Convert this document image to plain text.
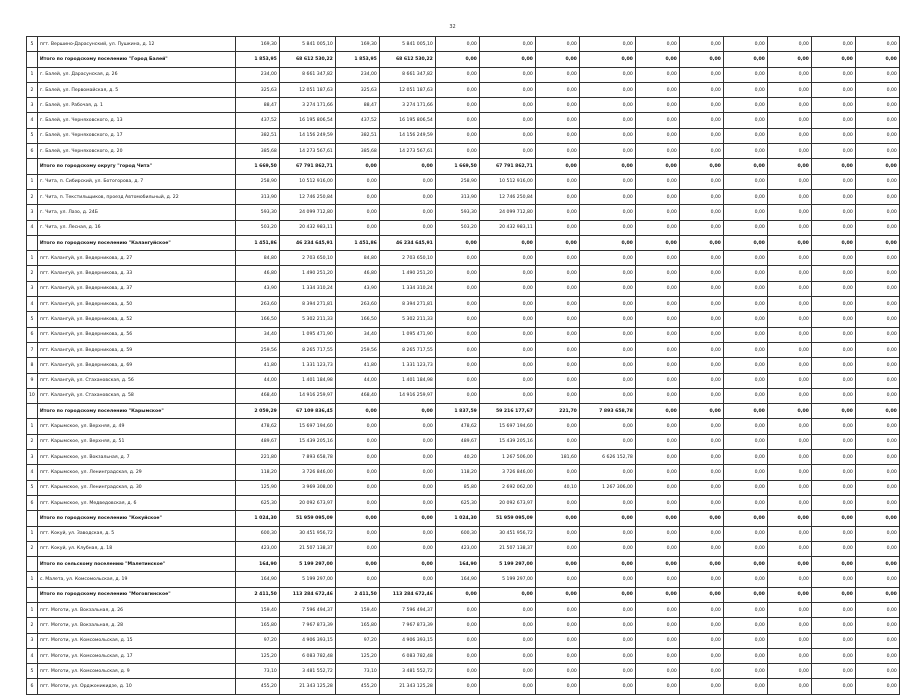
32
5	пгт. Вершино-Дарасунский, ул. Пушкина, д. 12	169,30	5 841 005,10	169,30	5 841 005,10	0,00	0,00	0,00	0,00	0,00	0,00	0,00	0,00	0,00	0,00
	Итого по городскому поселению "Город Балей"	1 853,95	68 612 530,22	1 853,95	68 612 530,22	0,00	0,00	0,00	0,00	0,00	0,00	0,00	0,00	0,00	0,00
1	г. Балей, ул. Дарасунская, д. 26	234,00	8 661 347,82	234,00	8 661 347,82	0,00	0,00	0,00	0,00	0,00	0,00	0,00	0,00	0,00	0,00
2	г. Балей, ул. Первомайская, д. 5	325,63	12 051 187,63	325,63	12 051 187,63	0,00	0,00	0,00	0,00	0,00	0,00	0,00	0,00	0,00	0,00
3	г. Балей, ул. Рабочая, д. 1	88,47	3 274 171,66	88,47	3 274 171,66	0,00	0,00	0,00	0,00	0,00	0,00	0,00	0,00	0,00	0,00
4	г. Балей, ул. Черняховского, д. 13	437,52	16 195 806,54	437,52	16 195 806,54	0,00	0,00	0,00	0,00	0,00	0,00	0,00	0,00	0,00	0,00
5	г. Балей, ул. Черняховского, д. 17	382,51	14 156 249,59	382,51	14 156 249,59	0,00	0,00	0,00	0,00	0,00	0,00	0,00	0,00	0,00	0,00
6	г. Балей, ул. Черняховского, д. 20	385,68	14 273 567,61	385,68	14 273 567,61	0,00	0,00	0,00	0,00	0,00	0,00	0,00	0,00	0,00	0,00
	Итого по городскому округу "город Чита"	1 669,50	67 791 862,71	0,00	0,00	1 669,50	67 791 862,71	0,00	0,00	0,00	0,00	0,00	0,00	0,00	0,00
1	г. Чита, п. Сибирский, ул. Ботогорова, д. 7	258,90	10 512 916,00	0,00	0,00	258,90	10 512 916,00	0,00	0,00	0,00	0,00	0,00	0,00	0,00	0,00
2	г. Чита, п. Текстильщиков, проезд Автомобильный, д. 22	313,90	12 746 250,84	0,00	0,00	313,90	12 746 250,84	0,00	0,00	0,00	0,00	0,00	0,00	0,00	0,00
3	г. Чита, ул. Лазо, д. 24Б	593,30	24 099 712,80	0,00	0,00	593,30	24 099 712,80	0,00	0,00	0,00	0,00	0,00	0,00	0,00	0,00
4	г. Чита, ул. Лесная, д. 16	503,20	20 432 983,11	0,00	0,00	503,20	20 432 983,11	0,00	0,00	0,00	0,00	0,00	0,00	0,00	0,00
	Итого по городскому поселению "Калангуйское"	1 451,86	46 234 645,91	1 451,86	46 234 645,91	0,00	0,00	0,00	0,00	0,00	0,00	0,00	0,00	0,00	0,00
1	пгт. Калангуй, ул. Ведерникова, д. 27	84,80	2 703 650,10	84,80	2 703 650,10	0,00	0,00	0,00	0,00	0,00	0,00	0,00	0,00	0,00	0,00
2	пгт. Калангуй, ул. Ведерникова, д. 33	46,80	1 490 251,20	46,80	1 490 251,20	0,00	0,00	0,00	0,00	0,00	0,00	0,00	0,00	0,00	0,00
3	пгт. Калангуй, ул. Ведерникова, д. 37	43,90	1 334 310,24	43,90	1 334 310,24	0,00	0,00	0,00	0,00	0,00	0,00	0,00	0,00	0,00	0,00
4	пгт. Калангуй, ул. Ведерникова, д. 50	263,60	8 394 271,81	263,60	8 394 271,81	0,00	0,00	0,00	0,00	0,00	0,00	0,00	0,00	0,00	0,00
5	пгт. Калангуй, ул. Ведерникова, д. 52	166,50	5 302 211,33	166,50	5 302 211,33	0,00	0,00	0,00	0,00	0,00	0,00	0,00	0,00	0,00	0,00
6	пгт. Калангуй, ул. Ведерникова, д. 56	34,40	1 095 471,90	34,40	1 095 471,90	0,00	0,00	0,00	0,00	0,00	0,00	0,00	0,00	0,00	0,00
7	пгт. Калангуй, ул. Ведерникова, д. 59	259,56	8 265 717,55	259,56	8 265 717,55	0,00	0,00	0,00	0,00	0,00	0,00	0,00	0,00	0,00	0,00
8	пгт. Калангуй, ул. Ведерникова, д. 69	41,80	1 331 123,73	41,80	1 331 123,73	0,00	0,00	0,00	0,00	0,00	0,00	0,00	0,00	0,00	0,00
9	пгт. Калангуй, ул. Стахановская, д. 56	44,00	1 401 184,98	44,00	1 401 184,98	0,00	0,00	0,00	0,00	0,00	0,00	0,00	0,00	0,00	0,00
10	пгт. Калангуй, ул. Стахановская, д. 58	468,40	14 916 259,97	468,40	14 916 259,97	0,00	0,00	0,00	0,00	0,00	0,00	0,00	0,00	0,00	0,00
	Итого по городскому поселению "Карымское"	2 059,29	67 109 836,45	0,00	0,00	1 837,59	59 216 177,67	221,70	7 893 658,78	0,00	0,00	0,00	0,00	0,00	0,00
1	пгт. Карымское, ул. Верхняя, д. 49	478,62	15 697 194,60	0,00	0,00	478,62	15 697 194,60	0,00	0,00	0,00	0,00	0,00	0,00	0,00	0,00
2	пгт. Карымское, ул. Верхняя, д. 51	489,67	15 439 205,16	0,00	0,00	489,67	15 439 205,16	0,00	0,00	0,00	0,00	0,00	0,00	0,00	0,00
3	пгт. Карымское, ул. Вокзальная, д. 7	221,80	7 893 658,78	0,00	0,00	40,20	1 267 506,00	181,60	6 626 152,78	0,00	0,00	0,00	0,00	0,00	0,00
4	пгт. Карымское, ул. Ленинградская, д. 29	118,20	3 726 846,00	0,00	0,00	118,20	3 726 846,00	0,00	0,00	0,00	0,00	0,00	0,00	0,00	0,00
5	пгт. Карымское, ул. Ленинградская, д. 30	125,90	3 969 308,00	0,00	0,00	85,80	2 692 062,00	40,10	1 267 306,00	0,00	0,00	0,00	0,00	0,00	0,00
6	пгт. Карымское, ул. Медведовская, д. 6	625,30	20 092 673,97	0,00	0,00	625,30	20 092 673,97	0,00	0,00	0,00	0,00	0,00	0,00	0,00	0,00
	Итого по городскому поселению "Кокуйское"	1 024,30	51 959 095,09	0,00	0,00	1 024,30	51 959 095,09	0,00	0,00	0,00	0,00	0,00	0,00	0,00	0,00
1	пгт. Кокуй, ул. Заводская, д. 5	600,30	30 451 956,72	0,00	0,00	600,30	30 451 956,72	0,00	0,00	0,00	0,00	0,00	0,00	0,00	0,00
2	пгт. Кокуй, ул. Клубная, д. 18	423,00	21 507 138,37	0,00	0,00	423,00	21 507 138,37	0,00	0,00	0,00	0,00	0,00	0,00	0,00	0,00
	Итого по сельскому поселению "Малетинское"	164,90	5 199 297,00	0,00	0,00	164,90	5 199 297,00	0,00	0,00	0,00	0,00	0,00	0,00	0,00	0,00
1	с. Малета, ул. Комсомольская, д. 19	164,90	5 199 297,00	0,00	0,00	164,90	5 199 297,00	0,00	0,00	0,00	0,00	0,00	0,00	0,00	0,00
	Итого по городскому поселению "Моговгинское"	2 411,50	113 284 672,46	2 411,50	113 284 672,46	0,00	0,00	0,00	0,00	0,00	0,00	0,00	0,00	0,00	0,00
1	пгт. Моготи, ул. Вокзальная, д. 26	159,40	7 596 494,37	159,40	7 596 494,37	0,00	0,00	0,00	0,00	0,00	0,00	0,00	0,00	0,00	0,00
2	пгт. Моготи, ул. Вокзальная, д. 28	165,80	7 967 873,39	165,80	7 967 873,39	0,00	0,00	0,00	0,00	0,00	0,00	0,00	0,00	0,00	0,00
3	пгт. Моготи, ул. Комсомольская, д. 15	97,20	4 906 393,15	97,20	4 906 393,15	0,00	0,00	0,00	0,00	0,00	0,00	0,00	0,00	0,00	0,00
4	пгт. Моготи, ул. Комсомольская, д. 17	125,20	6 083 782,48	125,20	6 083 782,48	0,00	0,00	0,00	0,00	0,00	0,00	0,00	0,00	0,00	0,00
5	пгт. Моготи, ул. Комсомольская, д. 9	73,10	3 481 552,72	73,10	3 481 552,72	0,00	0,00	0,00	0,00	0,00	0,00	0,00	0,00	0,00	0,00
6	пгт. Моготи, ул. Орджоникидзе, д. 10	455,20	21 343 125,28	455,20	21 343 125,28	0,00	0,00	0,00	0,00	0,00	0,00	0,00	0,00	0,00	0,00
